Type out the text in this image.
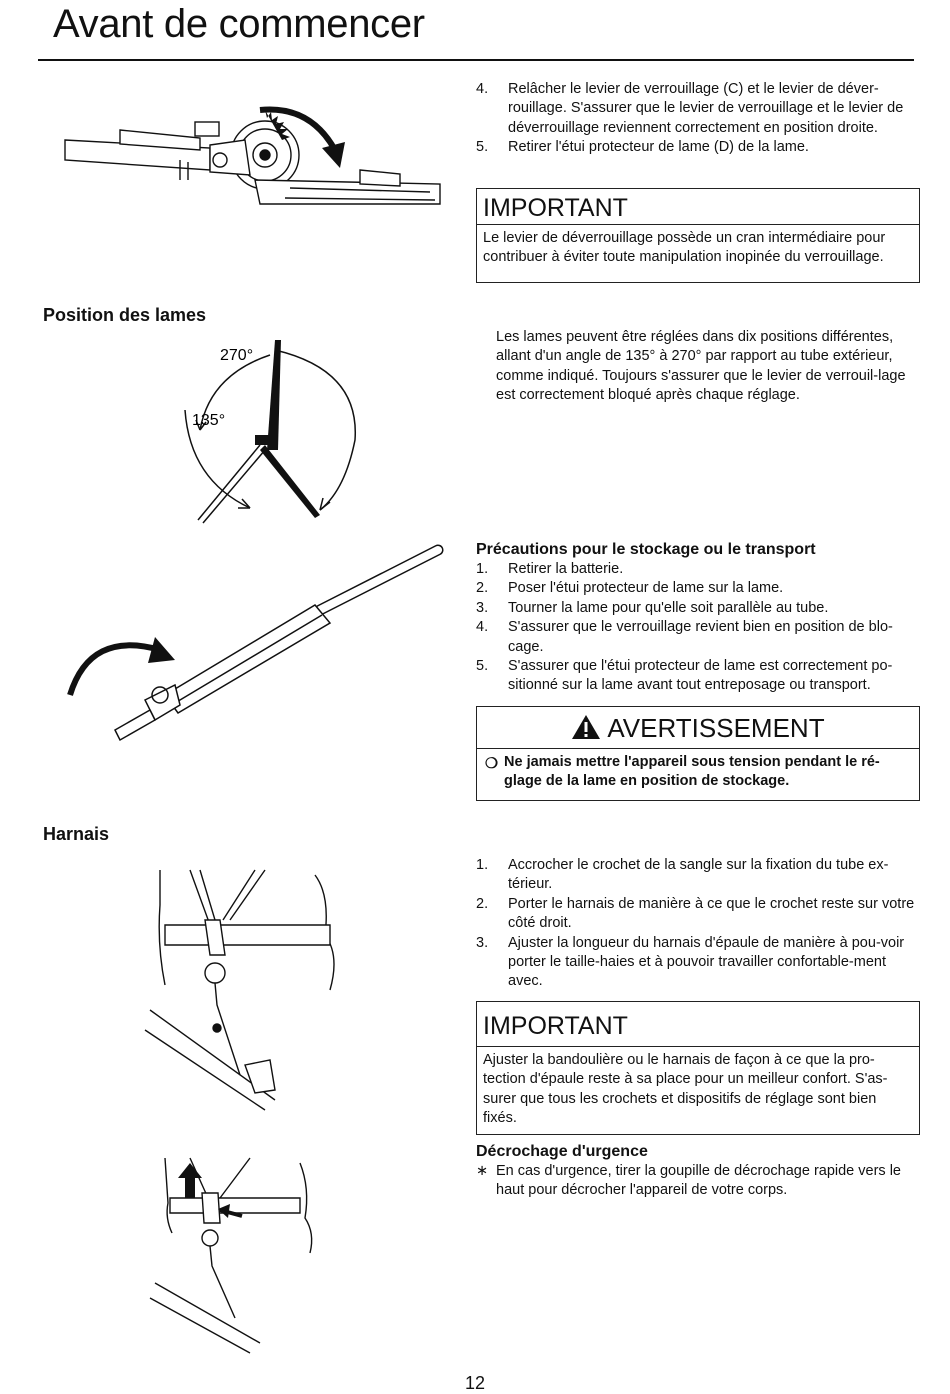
Avant de commencer
4. Relâcher le levier de verrouillage (C) et le levier de déver-rouillage. S'assurer que le levier de verrouillage et le levier de déverrouillage reviennent correctement en position droite.
5. Retirer l'étui protecteur de lame (D) de la lame.
IMPORTANT
Le levier de déverrouillage possède un cran intermédiaire pour contribuer à éviter toute manipulation inopinée du verrouillage.
Position des lames
270°
135°
Les lames peuvent être réglées dans dix positions différentes, allant d'un angle de 135° à 270° par rapport au tube extérieur, comme indiqué. Toujours s'assurer que le levier de verrouil-lage est correctement bloqué après chaque réglage.
Précautions pour le stockage ou le transport
1. Retirer la batterie.
2. Poser l'étui protecteur de lame sur la lame.
3. Tourner la lame pour qu'elle soit parallèle au tube.
4. S'assurer que le verrouillage revient bien en position de blo-cage.
5. S'assurer que l'étui protecteur de lame est correctement po-sitionné sur la lame avant tout entreposage ou transport.
AVERTISSEMENT
❍ Ne jamais mettre l'appareil sous tension pendant le ré-glage de la lame en position de stockage.
Harnais
1. Accrocher le crochet de la sangle sur la fixation du tube ex-térieur.
2. Porter le harnais de manière à ce que le crochet reste sur votre côté droit.
3. Ajuster la longueur du harnais d'épaule de manière à pou-voir porter le taille-haies et à pouvoir travailler confortable-ment avec.
IMPORTANT
Ajuster la bandoulière ou le harnais de façon à ce que la pro-tection d'épaule reste à sa place pour un meilleur confort. S'as-surer que tous les crochets et dispositifs de réglage sont bien fixés.
Décrochage d'urgence
∗ En cas d'urgence, tirer la goupille de décrochage rapide vers le haut pour décrocher l'appareil de votre corps.
12
